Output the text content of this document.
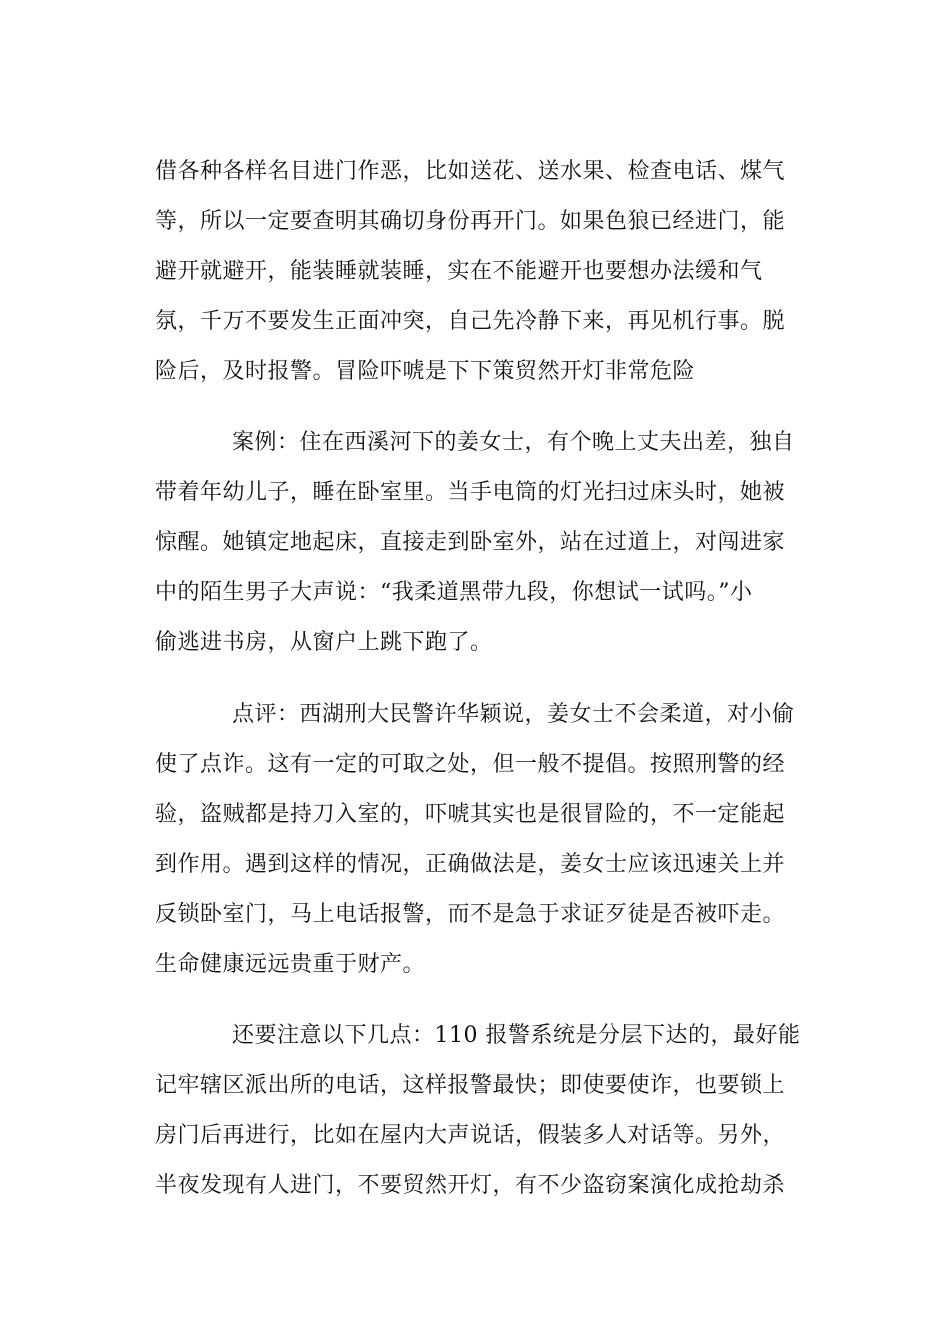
借各种各样名目进门作恶，比如送花、送水果、检查电话、煤气
等，所以一定要查明其确切身份再开门。如果色狼已经进门，能
避开就避开，能装睡就装睡，实在不能避开也要想办法缓和气
氛，千万不要发生正面冲突，自己先冷静下来，再见机行事。脱
险后，及时报警。冒险吓唬是下下策贸然开灯非常危险
案例：住在西溪河下的姜女士，有个晚上丈夫出差，独自
带着年幼儿子，睡在卧室里。当手电筒的灯光扫过床头时，她被
惊醒。她镇定地起床，直接走到卧室外，站在过道上，对闯进家
中的陌生男子大声说：“我柔道黑带九段，你想试一试吗。”小
偷逃进书房，从窗户上跳下跑了。
点评：西湖刑大民警许华颖说，姜女士不会柔道，对小偷
使了点诈。这有一定的可取之处，但一般不提倡。按照刑警的经
验，盗贼都是持刀入室的，吓唬其实也是很冒险的，不一定能起
到作用。遇到这样的情况，正确做法是，姜女士应该迅速关上并
反锁卧室门，马上电话报警，而不是急于求证歹徒是否被吓走。
生命健康远远贵重于财产。
还要注意以下几点：110 报警系统是分层下达的，最好能
记牢辖区派出所的电话，这样报警最快；即使要使诈，也要锁上
房门后再进行，比如在屋内大声说话，假装多人对话等。另外，
半夜发现有人进门，不要贸然开灯，有不少盗窃案演化成抢劫杀
